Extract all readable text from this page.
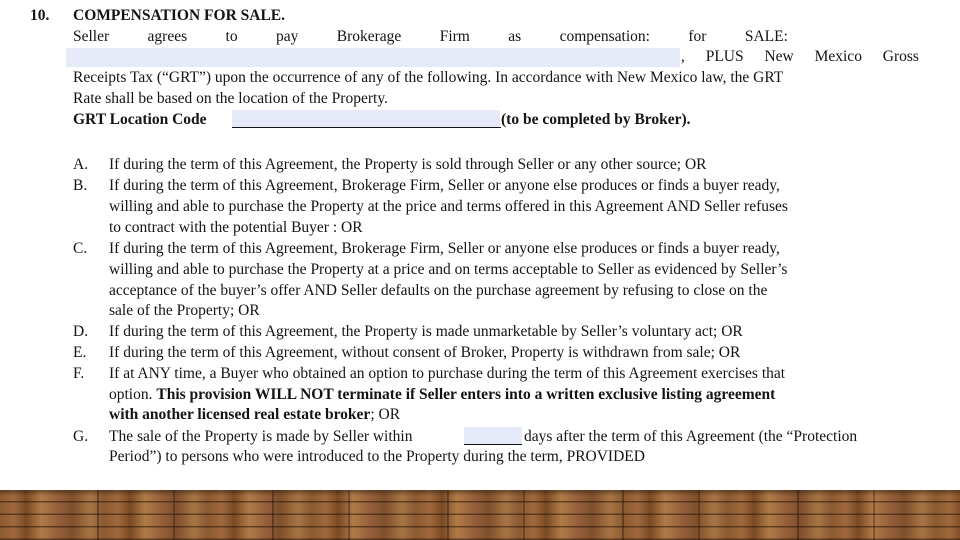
10. COMPENSATION FOR SALE.
Seller agrees to pay Brokerage Firm as compensation: for SALE:
, PLUS New Mexico Gross
Receipts Tax (“GRT”) upon the occurrence of any of the following. In accordance with New Mexico law, the GRT
Rate shall be based on the location of the Property.
GRT Location Code	(to be completed by Broker).
A. If during the term of this Agreement, the Property is sold through Seller or any other source; OR
B. If during the term of this Agreement, Brokerage Firm, Seller or anyone else produces or finds a buyer ready,
willing and able to purchase the Property at the price and terms offered in this Agreement AND Seller refuses
to contract with the potential Buyer : OR
C. If during the term of this Agreement, Brokerage Firm, Seller or anyone else produces or finds a buyer ready,
willing and able to purchase the Property at a price and on terms acceptable to Seller as evidenced by Seller’s
acceptance of the buyer’s offer AND Seller defaults on the purchase agreement by refusing to close on the
sale of the Property; OR
D. If during the term of this Agreement, the Property is made unmarketable by Seller’s voluntary act; OR
E. If during the term of this Agreement, without consent of Broker, Property is withdrawn from sale; OR
F. If at ANY time, a Buyer who obtained an option to purchase during the term of this Agreement exercises that
option. This provision WILL NOT terminate if Seller enters into a written exclusive listing agreement
with another licensed real estate broker; OR
G. The sale of the Property is made by Seller within	days after the term of this Agreement (the “Protection
Period”) to persons who were introduced to the Property during the term, PROVIDED
